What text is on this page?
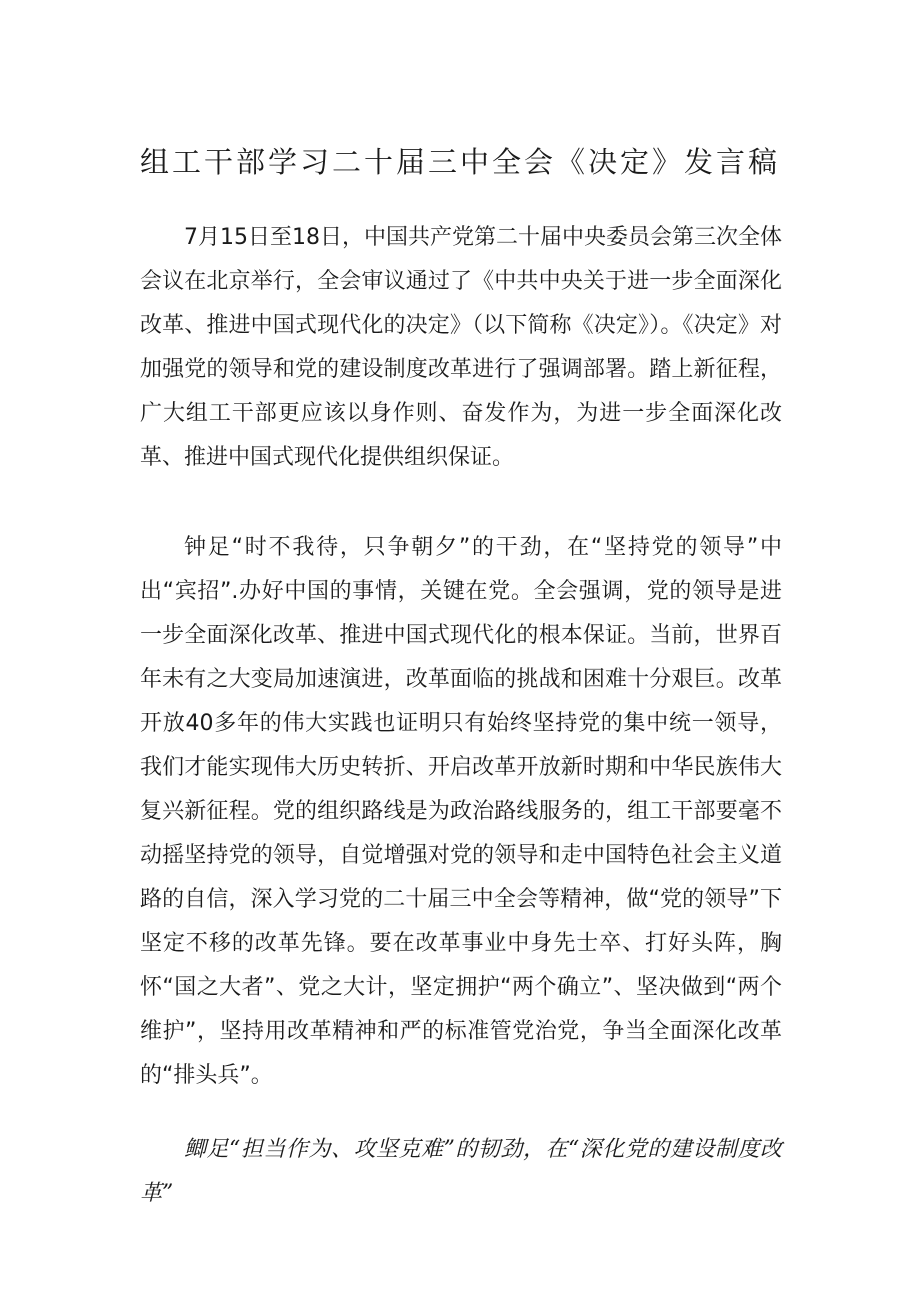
组工干部学习二十届三中全会《决定》发言稿

7月15日至18日，中国共产党第二十届中央委员会第三次全体会议在北京举行，全会审议通过了《中共中央关于进一步全面深化改革、推进中国式现代化的决定》（以下简称《决定》）。《决定》对加强党的领导和党的建设制度改革进行了强调部署。踏上新征程，广大组工干部更应该以身作则、奋发作为，为进一步全面深化改革、推进中国式现代化提供组织保证。

钟足“时不我待，只争朝夕”的干劲，在“坚持党的领导”中出“宾招”.办好中国的事情，关键在党。全会强调，党的领导是进一步全面深化改革、推进中国式现代化的根本保证。当前，世界百年未有之大变局加速演进，改革面临的挑战和困难十分艰巨。改革开放40多年的伟大实践也证明只有始终坚持党的集中统一领导，我们才能实现伟大历史转折、开启改革开放新时期和中华民族伟大复兴新征程。党的组织路线是为政治路线服务的，组工干部要毫不动摇坚持党的领导，自觉增强对党的领导和走中国特色社会主义道路的自信，深入学习党的二十届三中全会等精神，做“党的领导”下坚定不移的改革先锋。要在改革事业中身先士卒、打好头阵，胸怀“国之大者”、党之大计，坚定拥护“两个确立”、坚决做到“两个维护”，坚持用改革精神和严的标准管党治党，争当全面深化改革的“排头兵”。

鲫足“担当作为、攻坚克难”的韧劲，在“深化党的建设制度改革”
